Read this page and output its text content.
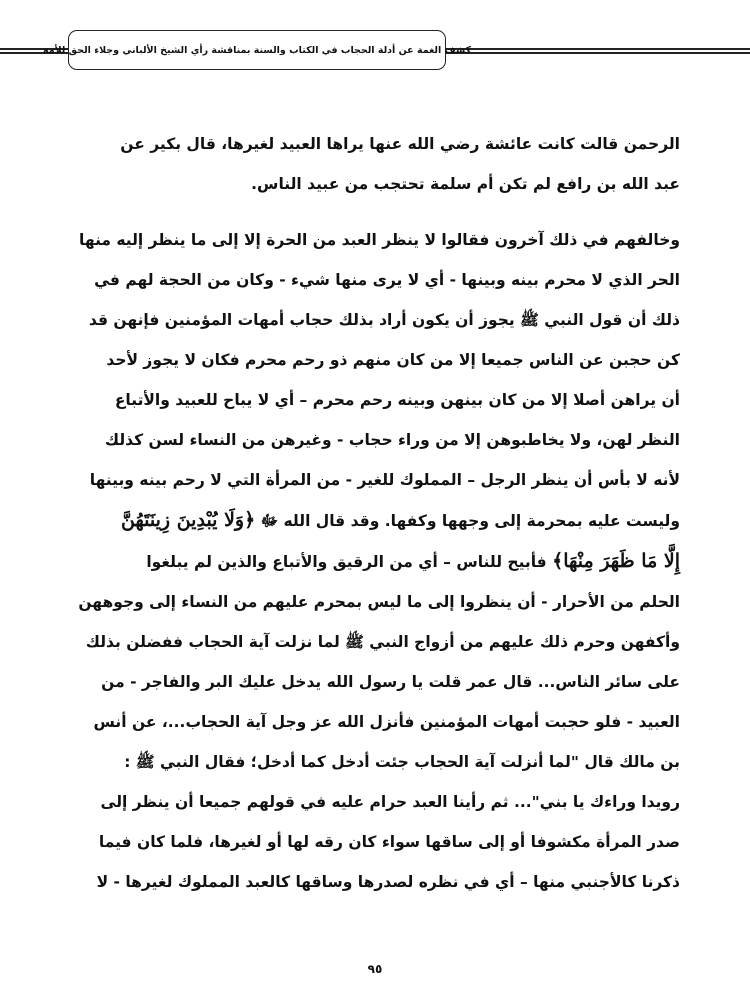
كشف الغمة عن أدلة الحجاب في الكتاب والسنة بمناقشة رأي الشيخ الألباني وجلاء الحق للأمة

الرحمن قالت كانت عائشة رضي الله عنها يراها العبيد لغيرها، قال بكير عن

عبد الله بن رافع لم تكن أم سلمة تحتجب من عبيد الناس.

وخالفهم في ذلك آخرون فقالوا لا ينظر العبد من الحرة إلا إلى ما ينظر إليه منها

الحر الذي لا محرم بينه وبينها - أي لا يرى منها شيء - وكان من الحجة لهم في

ذلك أن قول النبي ﷺ يجوز أن يكون أراد بذلك حجاب أمهات المؤمنين فإنهن قد

كن حجبن عن الناس جميعا إلا من كان منهم ذو رحم محرم فكان لا يجوز لأحد

أن يراهن أصلا إلا من كان بينهن وبينه رحم محرم – أي لا يباح للعبيد والأتباع

النظر لهن، ولا يخاطبوهن إلا من وراء حجاب - وغيرهن من النساء لسن كذلك

لأنه لا بأس أن ينظر الرجل – المملوك للغير - من المرأة التي لا رحم بينه وبينها

وليست عليه بمحرمة إلى وجهها وكفها. وقد قال الله ﷻ ﴿وَلَا يُبْدِينَ زِينَتَهُنَّ

إِلَّا مَا ظَهَرَ مِنْهَا﴾ فأبيح للناس – أي من الرقيق والأتباع والذين لم يبلغوا

الحلم من الأحرار - أن ينظروا إلى ما ليس بمحرم عليهم من النساء إلى وجوههن

وأكفهن وحرم ذلك عليهم من أزواج النبي ﷺ لما نزلت آية الحجاب ففضلن بذلك

على سائر الناس... قال عمر قلت يا رسول الله يدخل عليك البر والفاجر - من

العبيد - فلو حجبت أمهات المؤمنين فأنزل الله عز وجل آية الحجاب...، عن أنس

بن مالك قال "لما أنزلت آية الحجاب جئت أدخل كما أدخل؛ فقال النبي ﷺ :

رويدا وراءك يا بني"... ثم رأينا العبد حرام عليه في قولهم جميعا أن ينظر إلى

صدر المرأة مكشوفا أو إلى ساقها سواء كان رقه لها أو لغيرها، فلما كان فيما

ذكرنا كالأجنبي منها – أي في نظره لصدرها وساقها كالعبد المملوك لغيرها - لا

٩٥
